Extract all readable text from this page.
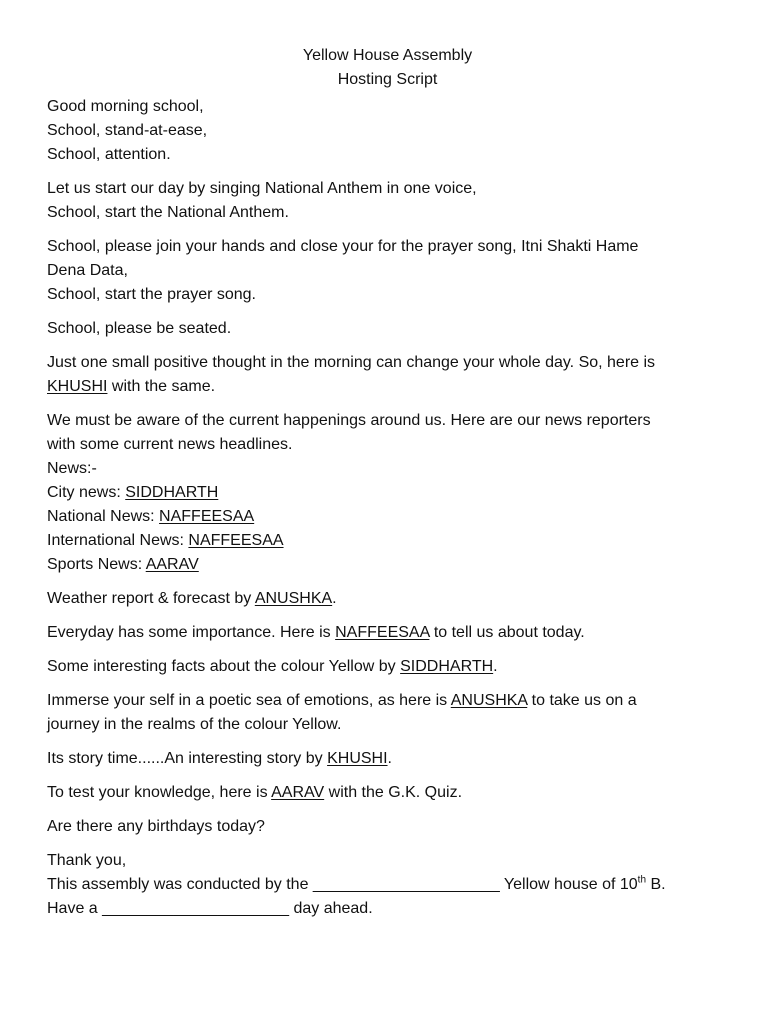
Yellow House Assembly
Hosting Script
Good morning school,
School, stand-at-ease,
School, attention.
Let us start our day by singing National Anthem in one voice,
School, start the National Anthem.
School, please join your hands and close your for the prayer song, Itni Shakti Hame
Dena Data,
School, start the prayer song.
School, please be seated.
Just one small positive thought in the morning can change your whole day. So, here is
KHUSHI with the same.
We must be aware of the current happenings around us. Here are our news reporters
with some current news headlines.
News:-
City news: SIDDHARTH
National News: NAFFEESAA
International News: NAFFEESAA
Sports News: AARAV
Weather report & forecast by ANUSHKA.
Everyday has some importance. Here is NAFFEESAA to tell us about today.
Some interesting facts about the colour Yellow by SIDDHARTH.
Immerse your self in a poetic sea of emotions, as here is ANUSHKA to take us on a
journey in the realms of the colour Yellow.
Its story time......An interesting story by KHUSHI.
To test your knowledge, here is AARAV with the G.K. Quiz.
Are there any birthdays today?
Thank you,
This assembly was conducted by the _____________________ Yellow house of 10th B.
Have a _____________________ day ahead.
